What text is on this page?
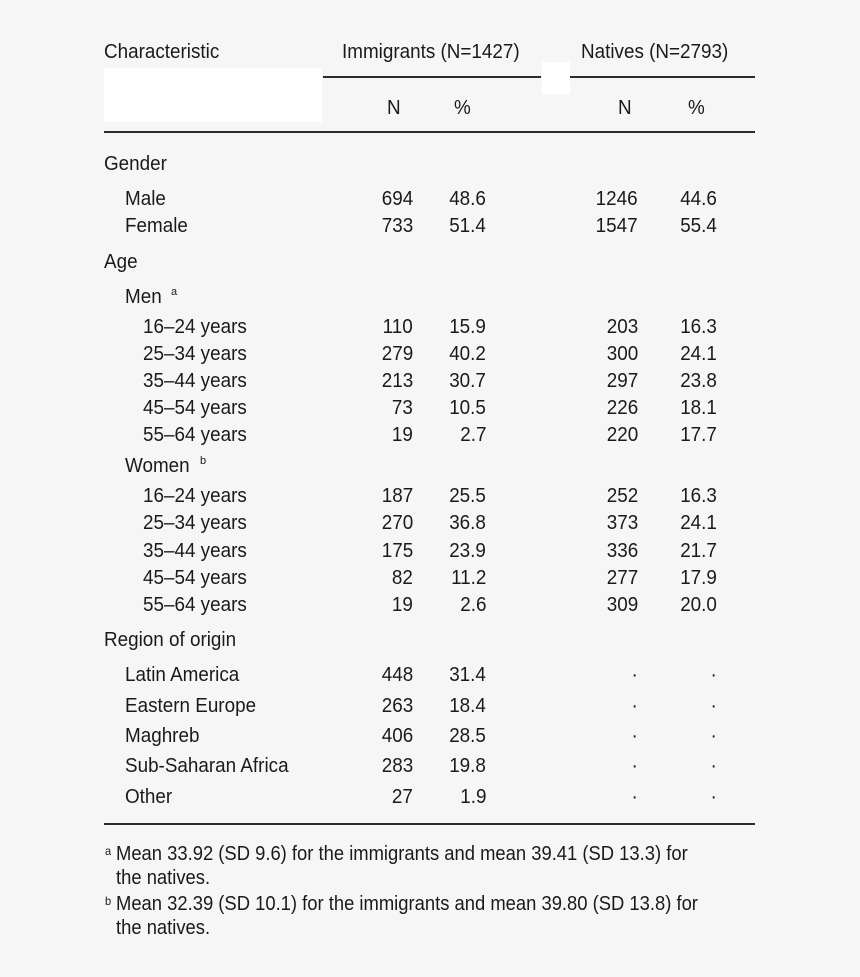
Characteristic	Immigrants (N=1427)	Natives (N=2793)
N	%	N	%
Gender
Male	694 48.6	1246 44.6
Female	733 51.4	1547 55.4
Age
Men a
16–24 years	110 15.9	203 16.3
25–34 years	279 40.2	300 24.1
35–44 years	213 30.7	297 23.8
45–54 years	73 10.5	226 18.1
55–64 years	19 2.7	220 17.7
Women b
16–24 years	187 25.5	252 16.3
25–34 years	270 36.8	373 24.1
35–44 years	175 23.9	336 21.7
45–54 years	82 11.2	277 17.9
55–64 years	19 2.6	309 20.0
Region of origin
Latin America	448 31.4	·	·
Eastern Europe	263 18.4	·	·
Maghreb	406 28.5	·	·
Sub-Saharan Africa	283 19.8	·	·
Other	27 1.9	·	·
a Mean 33.92 (SD 9.6) for the immigrants and mean 39.41 (SD 13.3) for
the natives.
b Mean 32.39 (SD 10.1) for the immigrants and mean 39.80 (SD 13.8) for
the natives.
